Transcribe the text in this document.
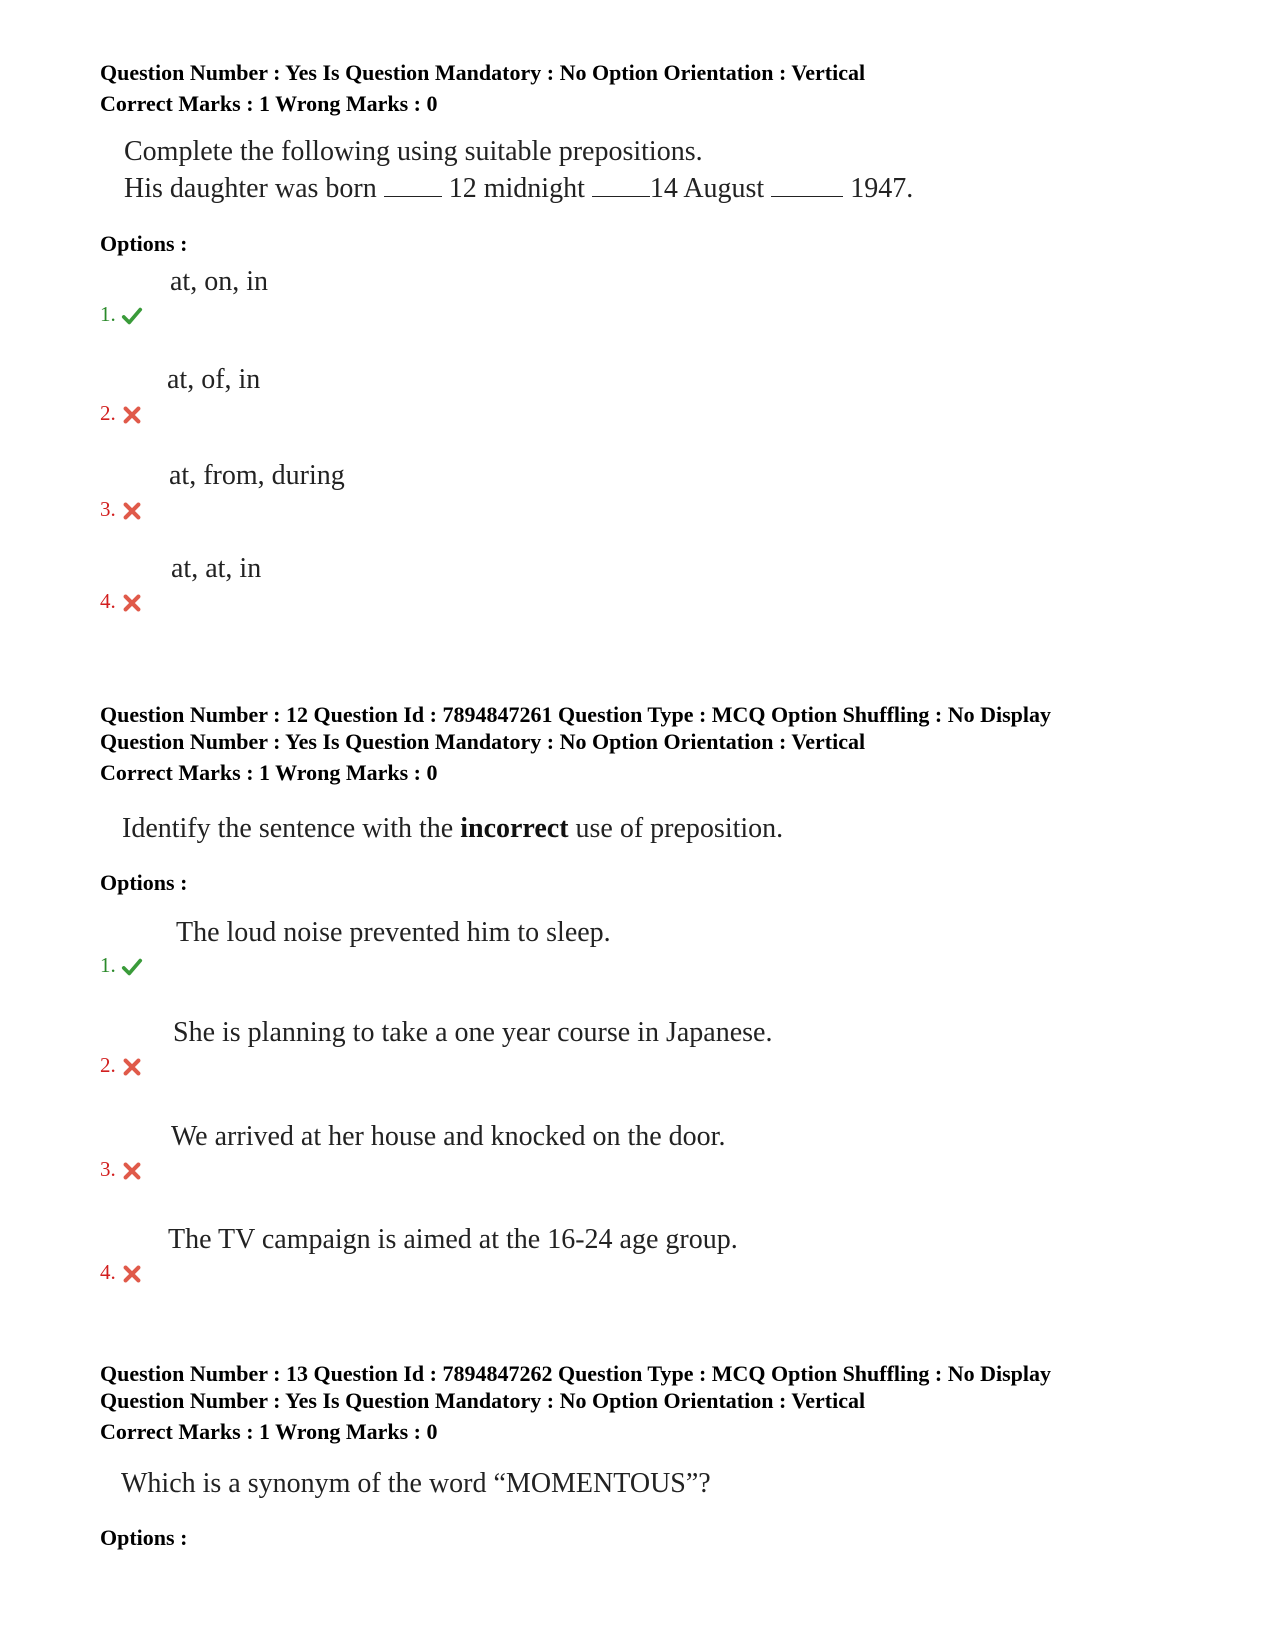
Question Number : Yes Is Question Mandatory : No Option Orientation : Vertical
Correct Marks : 1 Wrong Marks : 0
Complete the following using suitable prepositions.
His daughter was born	12 midnight 14 August	1947.
Options :
1.
at, on, in
2.
at, of, in
3.
at, from, during
4.
at, at, in
Question Number : 12 Question Id : 7894847261 Question Type : MCQ Option Shuffling : No Display
Question Number : Yes Is Question Mandatory : No Option Orientation : Vertical
Correct Marks : 1 Wrong Marks : 0
Identify the sentence with the incorrect use of preposition.
Options :
1.
The loud noise prevented him to sleep.
2.
She is planning to take a one year course in Japanese.
3.
We arrived at her house and knocked on the door.
4.
The TV campaign is aimed at the 16-24 age group.
Question Number : 13 Question Id : 7894847262 Question Type : MCQ Option Shuffling : No Display
Question Number : Yes Is Question Mandatory : No Option Orientation : Vertical
Correct Marks : 1 Wrong Marks : 0
Which is a synonym of the word “MOMENTOUS”?
Options :
